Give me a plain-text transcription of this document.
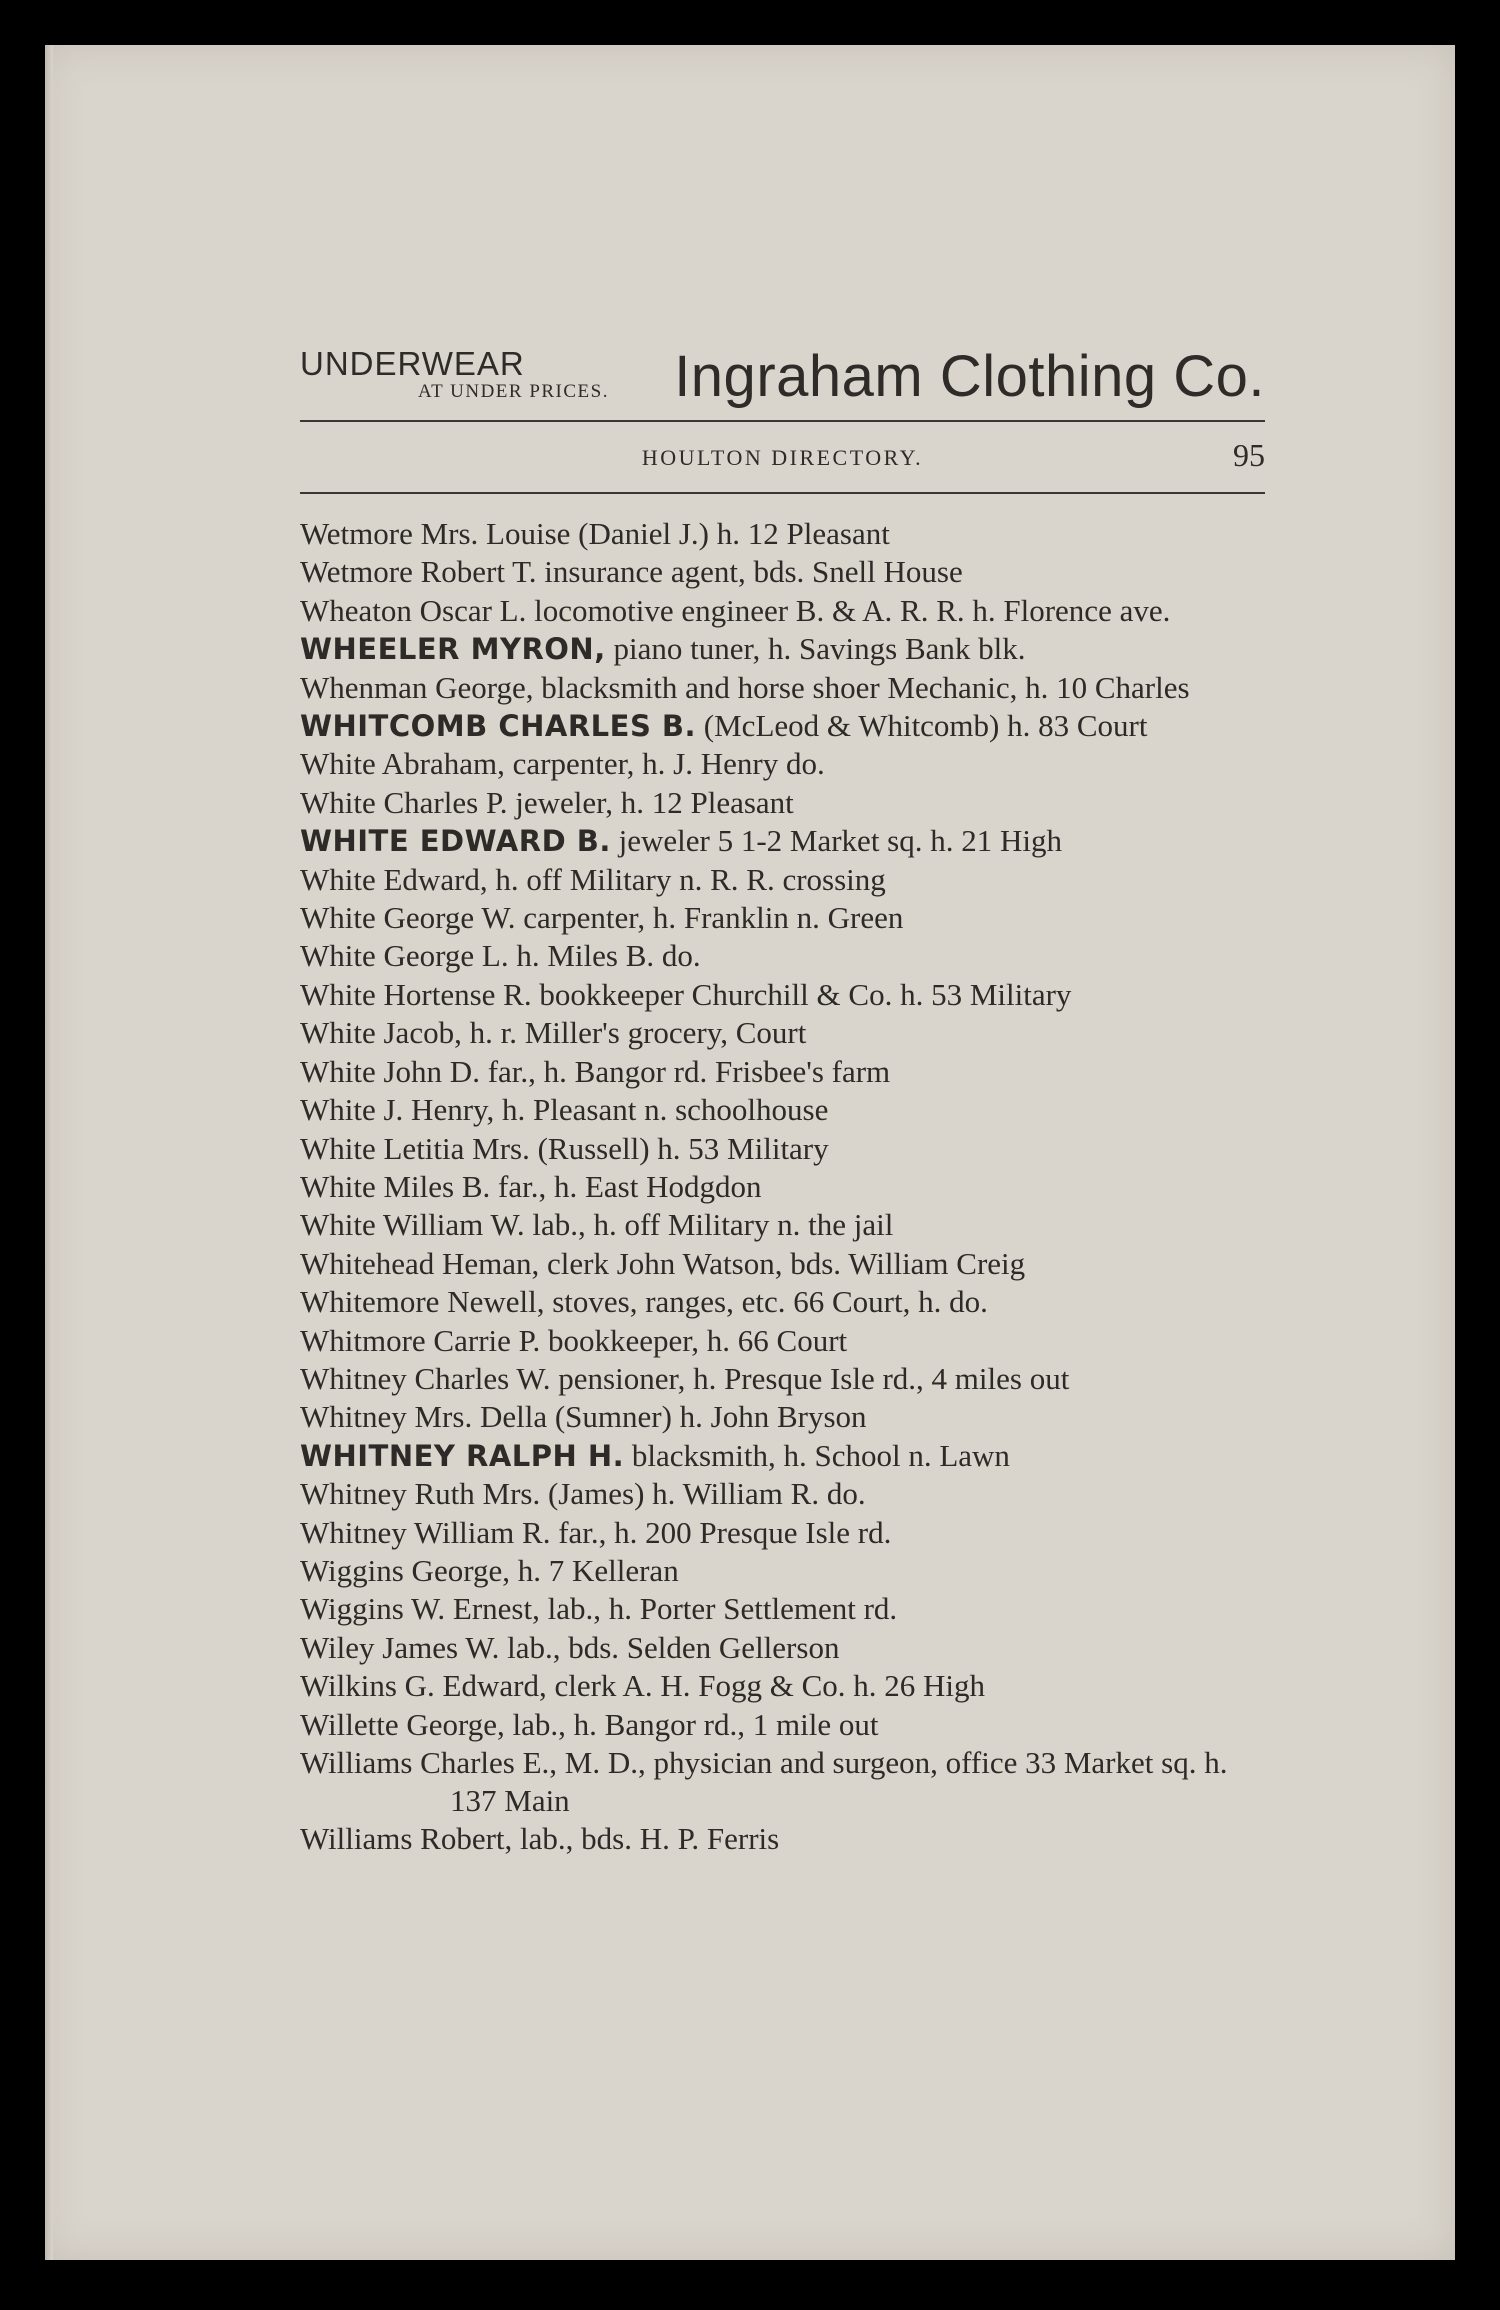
UNDERWEAR
AT UNDER PRICES. Ingraham Clothing Co.
HOULTON DIRECTORY.	95

Wetmore Mrs. Louise (Daniel J.) h. 12 Pleasant

Wetmore Robert T. insurance agent, bds. Snell House

Wheaton Oscar L. locomotive engineer B. & A. R. R. h. Florence ave.

WHEELER MYRON, piano tuner, h. Savings Bank blk.

Whenman George, blacksmith and horse shoer Mechanic, h. 10 Charles

WHITCOMB CHARLES B. (McLeod & Whitcomb) h. 83 Court

White Abraham, carpenter, h. J. Henry do.

White Charles P. jeweler, h. 12 Pleasant

WHITE EDWARD B. jeweler 5 1-2 Market sq. h. 21 High

White Edward, h. off Military n. R. R. crossing

White George W. carpenter, h. Franklin n. Green

White George L. h. Miles B. do.

White Hortense R. bookkeeper Churchill & Co. h. 53 Military

White Jacob, h. r. Miller's grocery, Court

White John D. far., h. Bangor rd. Frisbee's farm

White J. Henry, h. Pleasant n. schoolhouse

White Letitia Mrs. (Russell) h. 53 Military

White Miles B. far., h. East Hodgdon

White William W. lab., h. off Military n. the jail

Whitehead Heman, clerk John Watson, bds. William Creig

Whitemore Newell, stoves, ranges, etc. 66 Court, h. do.

Whitmore Carrie P. bookkeeper, h. 66 Court

Whitney Charles W. pensioner, h. Presque Isle rd., 4 miles out

Whitney Mrs. Della (Sumner) h. John Bryson

WHITNEY RALPH H. blacksmith, h. School n. Lawn

Whitney Ruth Mrs. (James) h. William R. do.

Whitney William R. far., h. 200 Presque Isle rd.

Wiggins George, h. 7 Kelleran

Wiggins W. Ernest, lab., h. Porter Settlement rd.

Wiley James W. lab., bds. Selden Gellerson

Wilkins G. Edward, clerk A. H. Fogg & Co. h. 26 High

Willette George, lab., h. Bangor rd., 1 mile out

Williams Charles E., M. D., physician and surgeon, office 33 Market sq. h. 137 Main

Williams Robert, lab., bds. H. P. Ferris
